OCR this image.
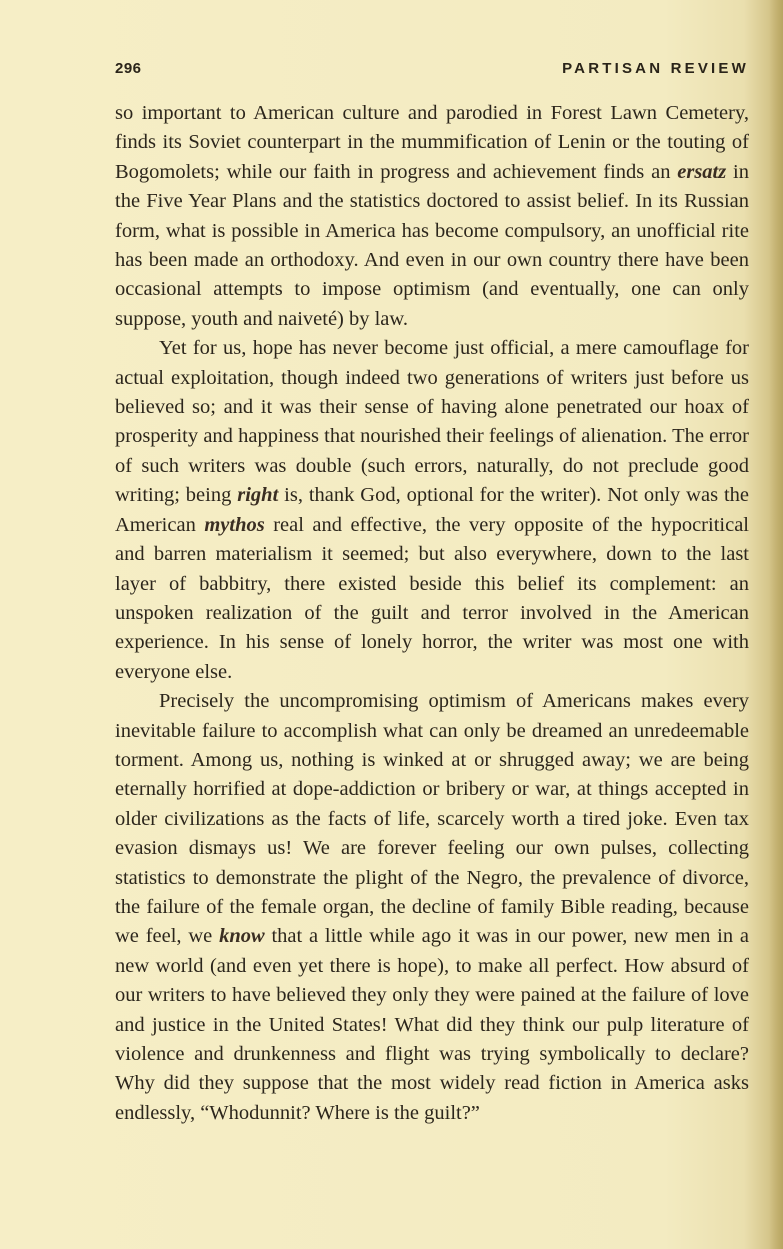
296	PARTISAN REVIEW

so important to American culture and parodied in Forest Lawn Cemetery, finds its Soviet counterpart in the mummification of Lenin or the touting of Bogomolets; while our faith in progress and achievement finds an ersatz in the Five Year Plans and the statistics doctored to assist belief. In its Russian form, what is possible in America has become compulsory, an unofficial rite has been made an orthodoxy. And even in our own country there have been occasional attempts to impose optimism (and eventually, one can only suppose, youth and naiveté) by law.

Yet for us, hope has never become just official, a mere camouflage for actual exploitation, though indeed two generations of writers just before us believed so; and it was their sense of having alone penetrated our hoax of prosperity and happiness that nourished their feelings of alienation. The error of such writers was double (such errors, naturally, do not preclude good writing; being right is, thank God, optional for the writer). Not only was the American mythos real and effective, the very opposite of the hypocritical and barren materialism it seemed; but also everywhere, down to the last layer of babbitry, there existed beside this belief its complement: an unspoken realization of the guilt and terror involved in the American experience. In his sense of lonely horror, the writer was most one with everyone else.

Precisely the uncompromising optimism of Americans makes every inevitable failure to accomplish what can only be dreamed an unredeemable torment. Among us, nothing is winked at or shrugged away; we are being eternally horrified at dope-addiction or bribery or war, at things accepted in older civilizations as the facts of life, scarcely worth a tired joke. Even tax evasion dismays us! We are forever feeling our own pulses, collecting statistics to demonstrate the plight of the Negro, the prevalence of divorce, the failure of the female organ, the decline of family Bible reading, because we feel, we know that a little while ago it was in our power, new men in a new world (and even yet there is hope), to make all perfect. How absurd of our writers to have believed they only they were pained at the failure of love and justice in the United States! What did they think our pulp literature of violence and drunkenness and flight was trying symbolically to declare? Why did they suppose that the most widely read fiction in America asks endlessly, “Whodunnit? Where is the guilt?”
